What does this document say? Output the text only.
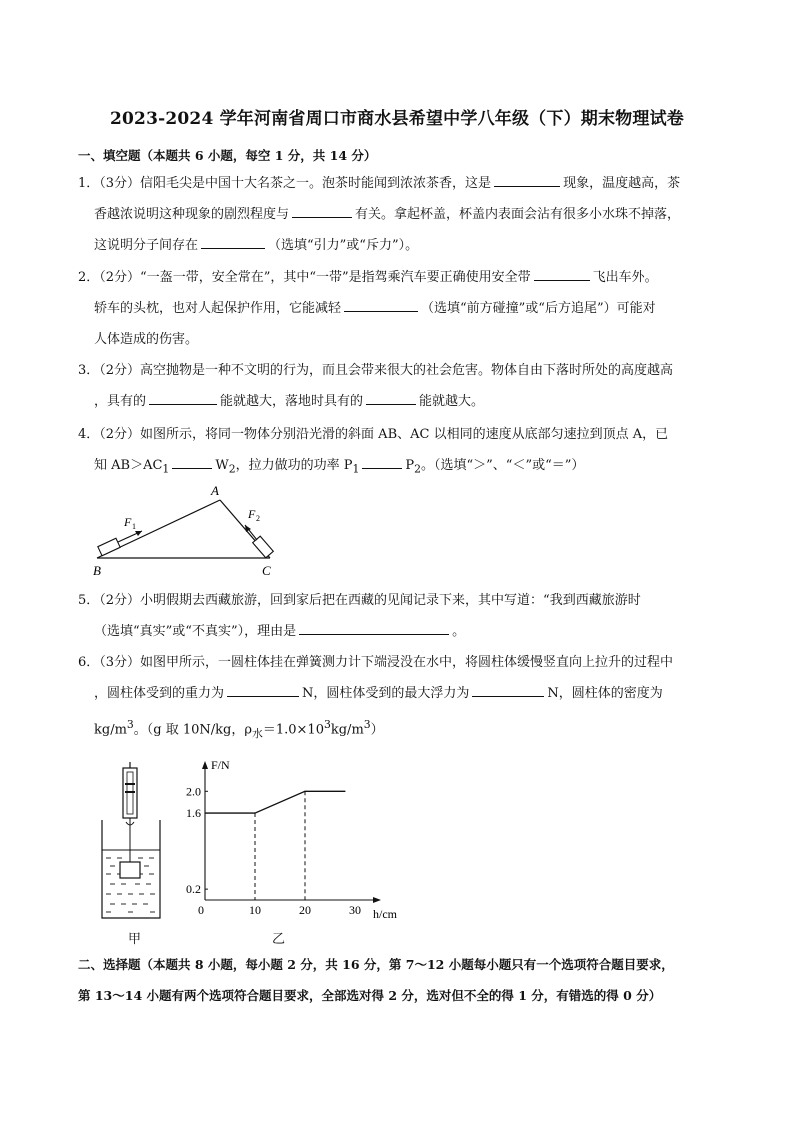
2023-2024 学年河南省周口市商水县希望中学八年级（下）期末物理试卷
一、填空题（本题共 6 小题，每空 1 分，共 14 分）
1．（3分）信阳毛尖是中国十大名茶之一。泡茶时能闻到浓浓茶香，这是	现象，温度越高，茶
香越浓说明这种现象的剧烈程度与	有关。拿起杯盖，杯盖内表面会沾有很多小水珠不掉落，
这说明分子间存在	（选填“引力”或“斥力”）。
2．（2分）“一盔一带，安全常在”，其中“一带”是指驾乘汽车要正确使用安全带	飞出车外。
轿车的头枕，也对人起保护作用，它能减轻	（选填“前方碰撞”或“后方追尾”）可能对
人体造成的伤害。
3．（2分）高空抛物是一种不文明的行为，而且会带来很大的社会危害。物体自由下落时所处的高度越高
，具有的	能就越大，落地时具有的	能就越大。
4．（2分）如图所示，将同一物体分别沿光滑的斜面 AB、AC 以相同的速度从底部匀速拉到顶点 A，已
知 $AB>AC_1$	$W_2$，拉力做功的功率 $P_1$	$P_2$。（选填“＞”、“＜”或“＝”）
A
B	C
F 1
F 2
5．（2分）小明假期去西藏旅游，回到家后把在西藏的见闻记录下来，其中写道：“我到西藏旅游时
（选填“真实”或“不真实”），理由是	。
6．（3分）如图甲所示，一圆柱体挂在弹簧测力计下端浸没在水中，将圆柱体缓慢竖直向上拉升的过程中
，圆柱体受到的重力为	N，圆柱体受到的最大浮力为	N，圆柱体的密度为
$kg/m^3$。（g 取 10N/kg，$\rho_水=1.0\times 10^3kg/m^3$）
甲
F/N
h/cm
0	10	20	30
0.2
1.6
2.0
乙
二、选择题（本题共 8 小题，每小题 2 分，共 16 分，第 7～12 小题每小题只有一个选项符合题目要求，
第 13～14 小题有两个选项符合题目要求，全部选对得 2 分，选对但不全的得 1 分，有错选的得 0 分）
